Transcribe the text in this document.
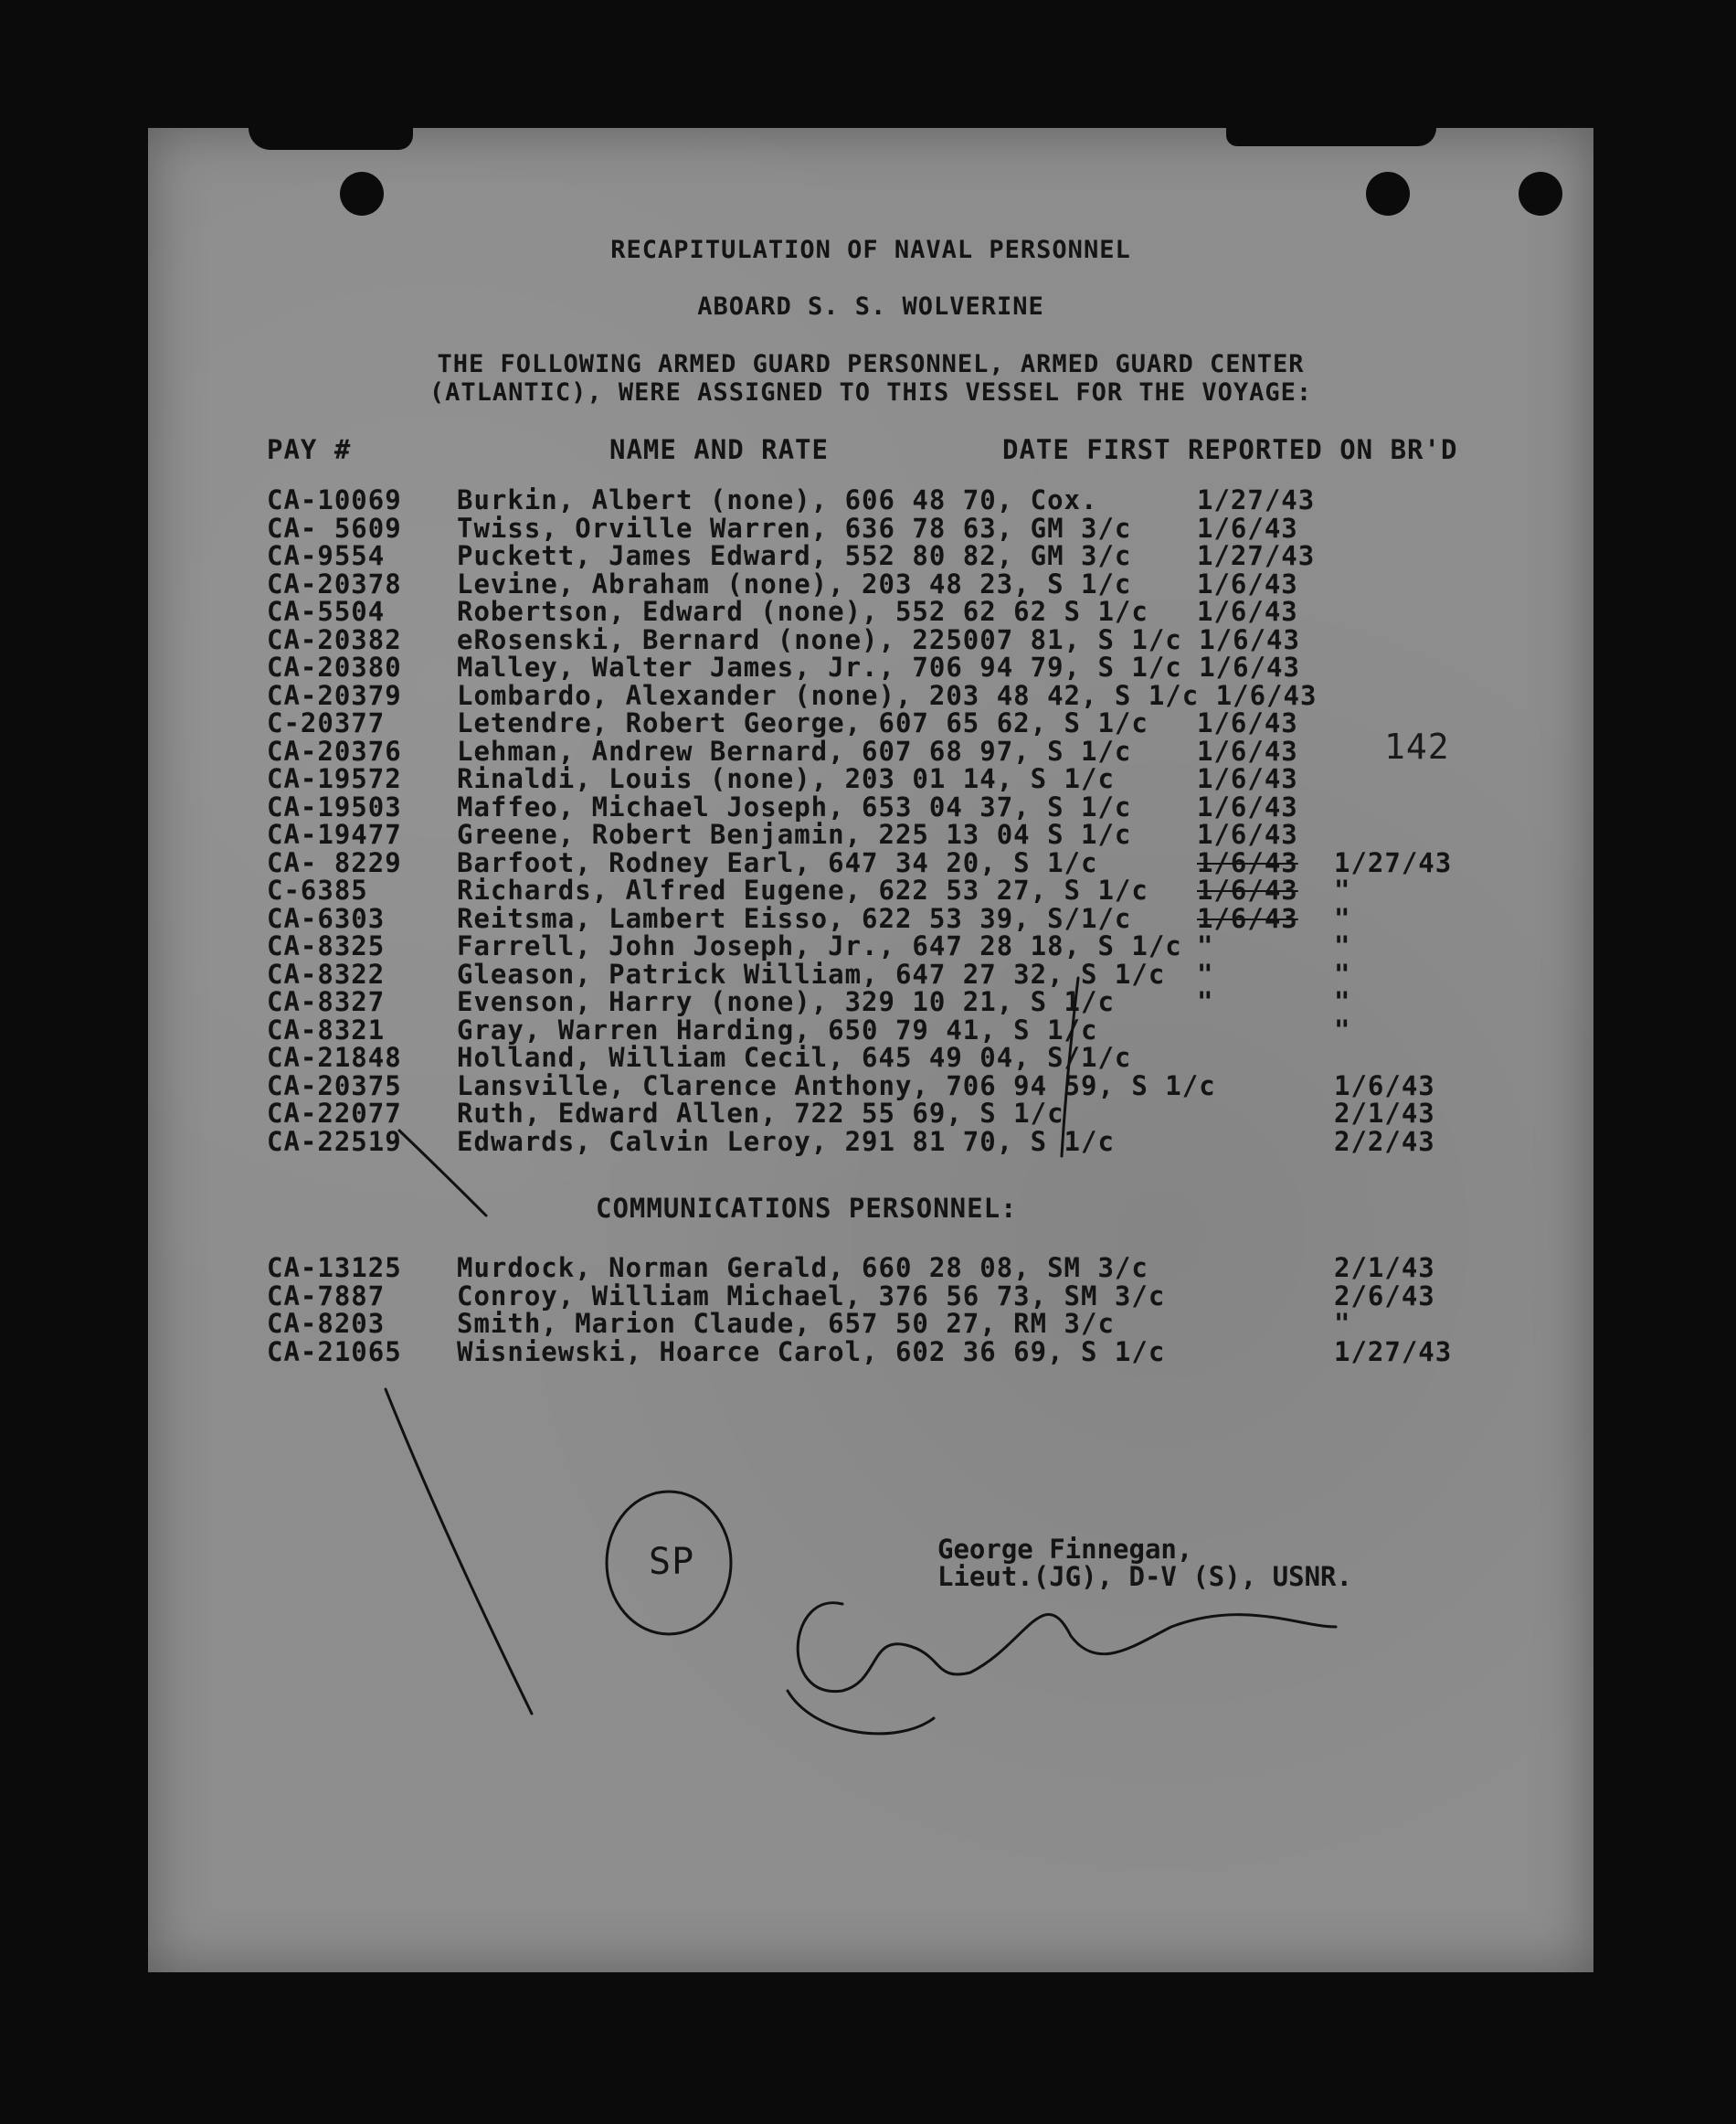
RECAPITULATION OF NAVAL PERSONNEL
ABOARD S. S. WOLVERINE
THE FOLLOWING ARMED GUARD PERSONNEL, ARMED GUARD CENTER
(ATLANTIC), WERE ASSIGNED TO THIS VESSEL FOR THE VOYAGE:
PAY #	NAME AND RATE	DATE FIRST REPORTED ON BR'D
142
CA-10069 Burkin, Albert (none), 606 48 70, Cox.	1/27/43
CA- 5609 Twiss, Orville Warren, 636 78 63, GM 3/c 1/6/43
CA-9554	Puckett, James Edward, 552 80 82, GM 3/c 1/27/43
CA-20378 Levine, Abraham (none), 203 48 23, S 1/c 1/6/43
CA-5504	Robertson, Edward (none), 552 62 62 S 1/c 1/6/43
CA-20382 eRosenski, Bernard (none), 225007 81, S 1/c 1/6/43
CA-20380 Malley, Walter James, Jr., 706 94 79, S 1/c 1/6/43
CA-20379 Lombardo, Alexander (none), 203 48 42, S 1/c 1/6/43
C-20377	Letendre, Robert George, 607 65 62, S 1/c 1/6/43
CA-20376 Lehman, Andrew Bernard, 607 68 97, S 1/c 1/6/43
CA-19572 Rinaldi, Louis (none), 203 01 14, S 1/c	1/6/43
CA-19503 Maffeo, Michael Joseph, 653 04 37, S 1/c 1/6/43
CA-19477 Greene, Robert Benjamin, 225 13 04 S 1/c 1/6/43
CA- 8229 Barfoot, Rodney Earl, 647 34 20, S 1/c	1/6/43 1/27/43
C-6385	Richards, Alfred Eugene, 622 53 27, S 1/c 1/6/43 "
CA-6303	Reitsma, Lambert Eisso, 622 53 39, S/1/c 1/6/43 "
CA-8325	Farrell, John Joseph, Jr., 647 28 18, S 1/c "	"
CA-8322	Gleason, Patrick William, 647 27 32, S 1/c "	"
CA-8327	Evenson, Harry (none), 329 10 21, S 1/c	"	"
CA-8321	Gray, Warren Harding, 650 79 41, S 1/c	"
CA-21848 Holland, William Cecil, 645 49 04, S/1/c
CA-20375 Lansville, Clarence Anthony, 706 94 59, S 1/c	1/6/43
CA-22077 Ruth, Edward Allen, 722 55 69, S 1/c	2/1/43
CA-22519 Edwards, Calvin Leroy, 291 81 70, S 1/c	2/2/43
COMMUNICATIONS PERSONNEL:
CA-13125 Murdock, Norman Gerald, 660 28 08, SM 3/c	2/1/43
CA-7887	Conroy, William Michael, 376 56 73, SM 3/c	2/6/43
CA-8203	Smith, Marion Claude, 657 50 27, RM 3/c	"
CA-21065 Wisniewski, Hoarce Carol, 602 36 69, S 1/c	1/27/43
George Finnegan,
Lieut.(JG), D-V (S), USNR.
SP
